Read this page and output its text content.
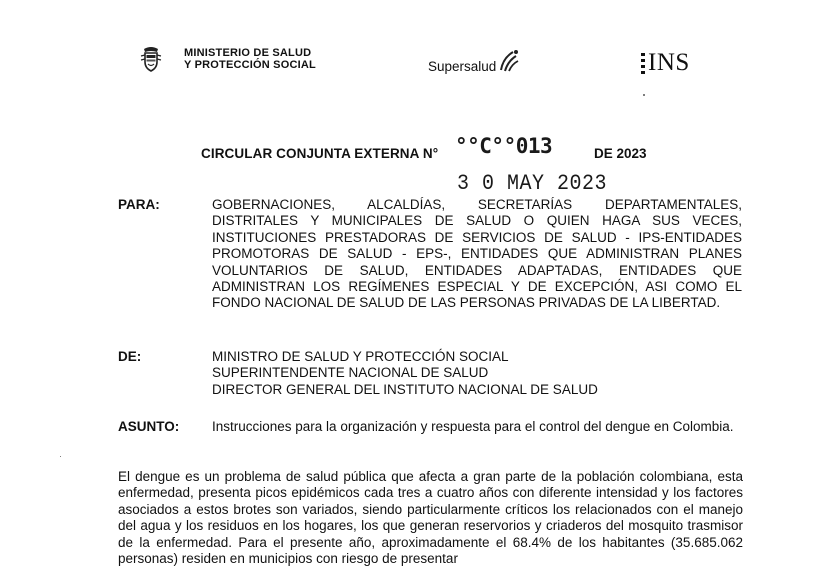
MINISTERIO DE SALUD
Y PROTECCIÓN SOCIAL	Supersalud	INS
CIRCULAR CONJUNTA EXTERNA N° °°C°°013	DE 2023
3 0 MAY 2023
PARA:	GOBERNACIONES, ALCALDÍAS, SECRETARÍAS DEPARTAMENTALES, DISTRITALES Y MUNICIPALES DE SALUD O QUIEN HAGA SUS VECES, INSTITUCIONES PRESTADORAS DE SERVICIOS DE SALUD - IPS-ENTIDADES PROMOTORAS DE SALUD - EPS-, ENTIDADES QUE ADMINISTRAN PLANES VOLUNTARIOS DE SALUD, ENTIDADES ADAPTADAS, ENTIDADES QUE ADMINISTRAN LOS REGÍMENES ESPECIAL Y DE EXCEPCIÓN, ASI COMO EL FONDO NACIONAL DE SALUD DE LAS PERSONAS PRIVADAS DE LA LIBERTAD.
DE:	MINISTRO DE SALUD Y PROTECCIÓN SOCIAL
SUPERINTENDENTE NACIONAL DE SALUD
DIRECTOR GENERAL DEL INSTITUTO NACIONAL DE SALUD
ASUNTO: Instrucciones para la organización y respuesta para el control del dengue en Colombia.
El dengue es un problema de salud pública que afecta a gran parte de la población colombiana, esta enfermedad, presenta picos epidémicos cada tres a cuatro años con diferente intensidad y los factores asociados a estos brotes son variados, siendo particularmente críticos los relacionados con el manejo del agua y los residuos en los hogares, los que generan reservorios y criaderos del mosquito trasmisor de la enfermedad. Para el presente año, aproximadamente el 68.4% de los habitantes (35.685.062 personas) residen en municipios con riesgo de presentar
